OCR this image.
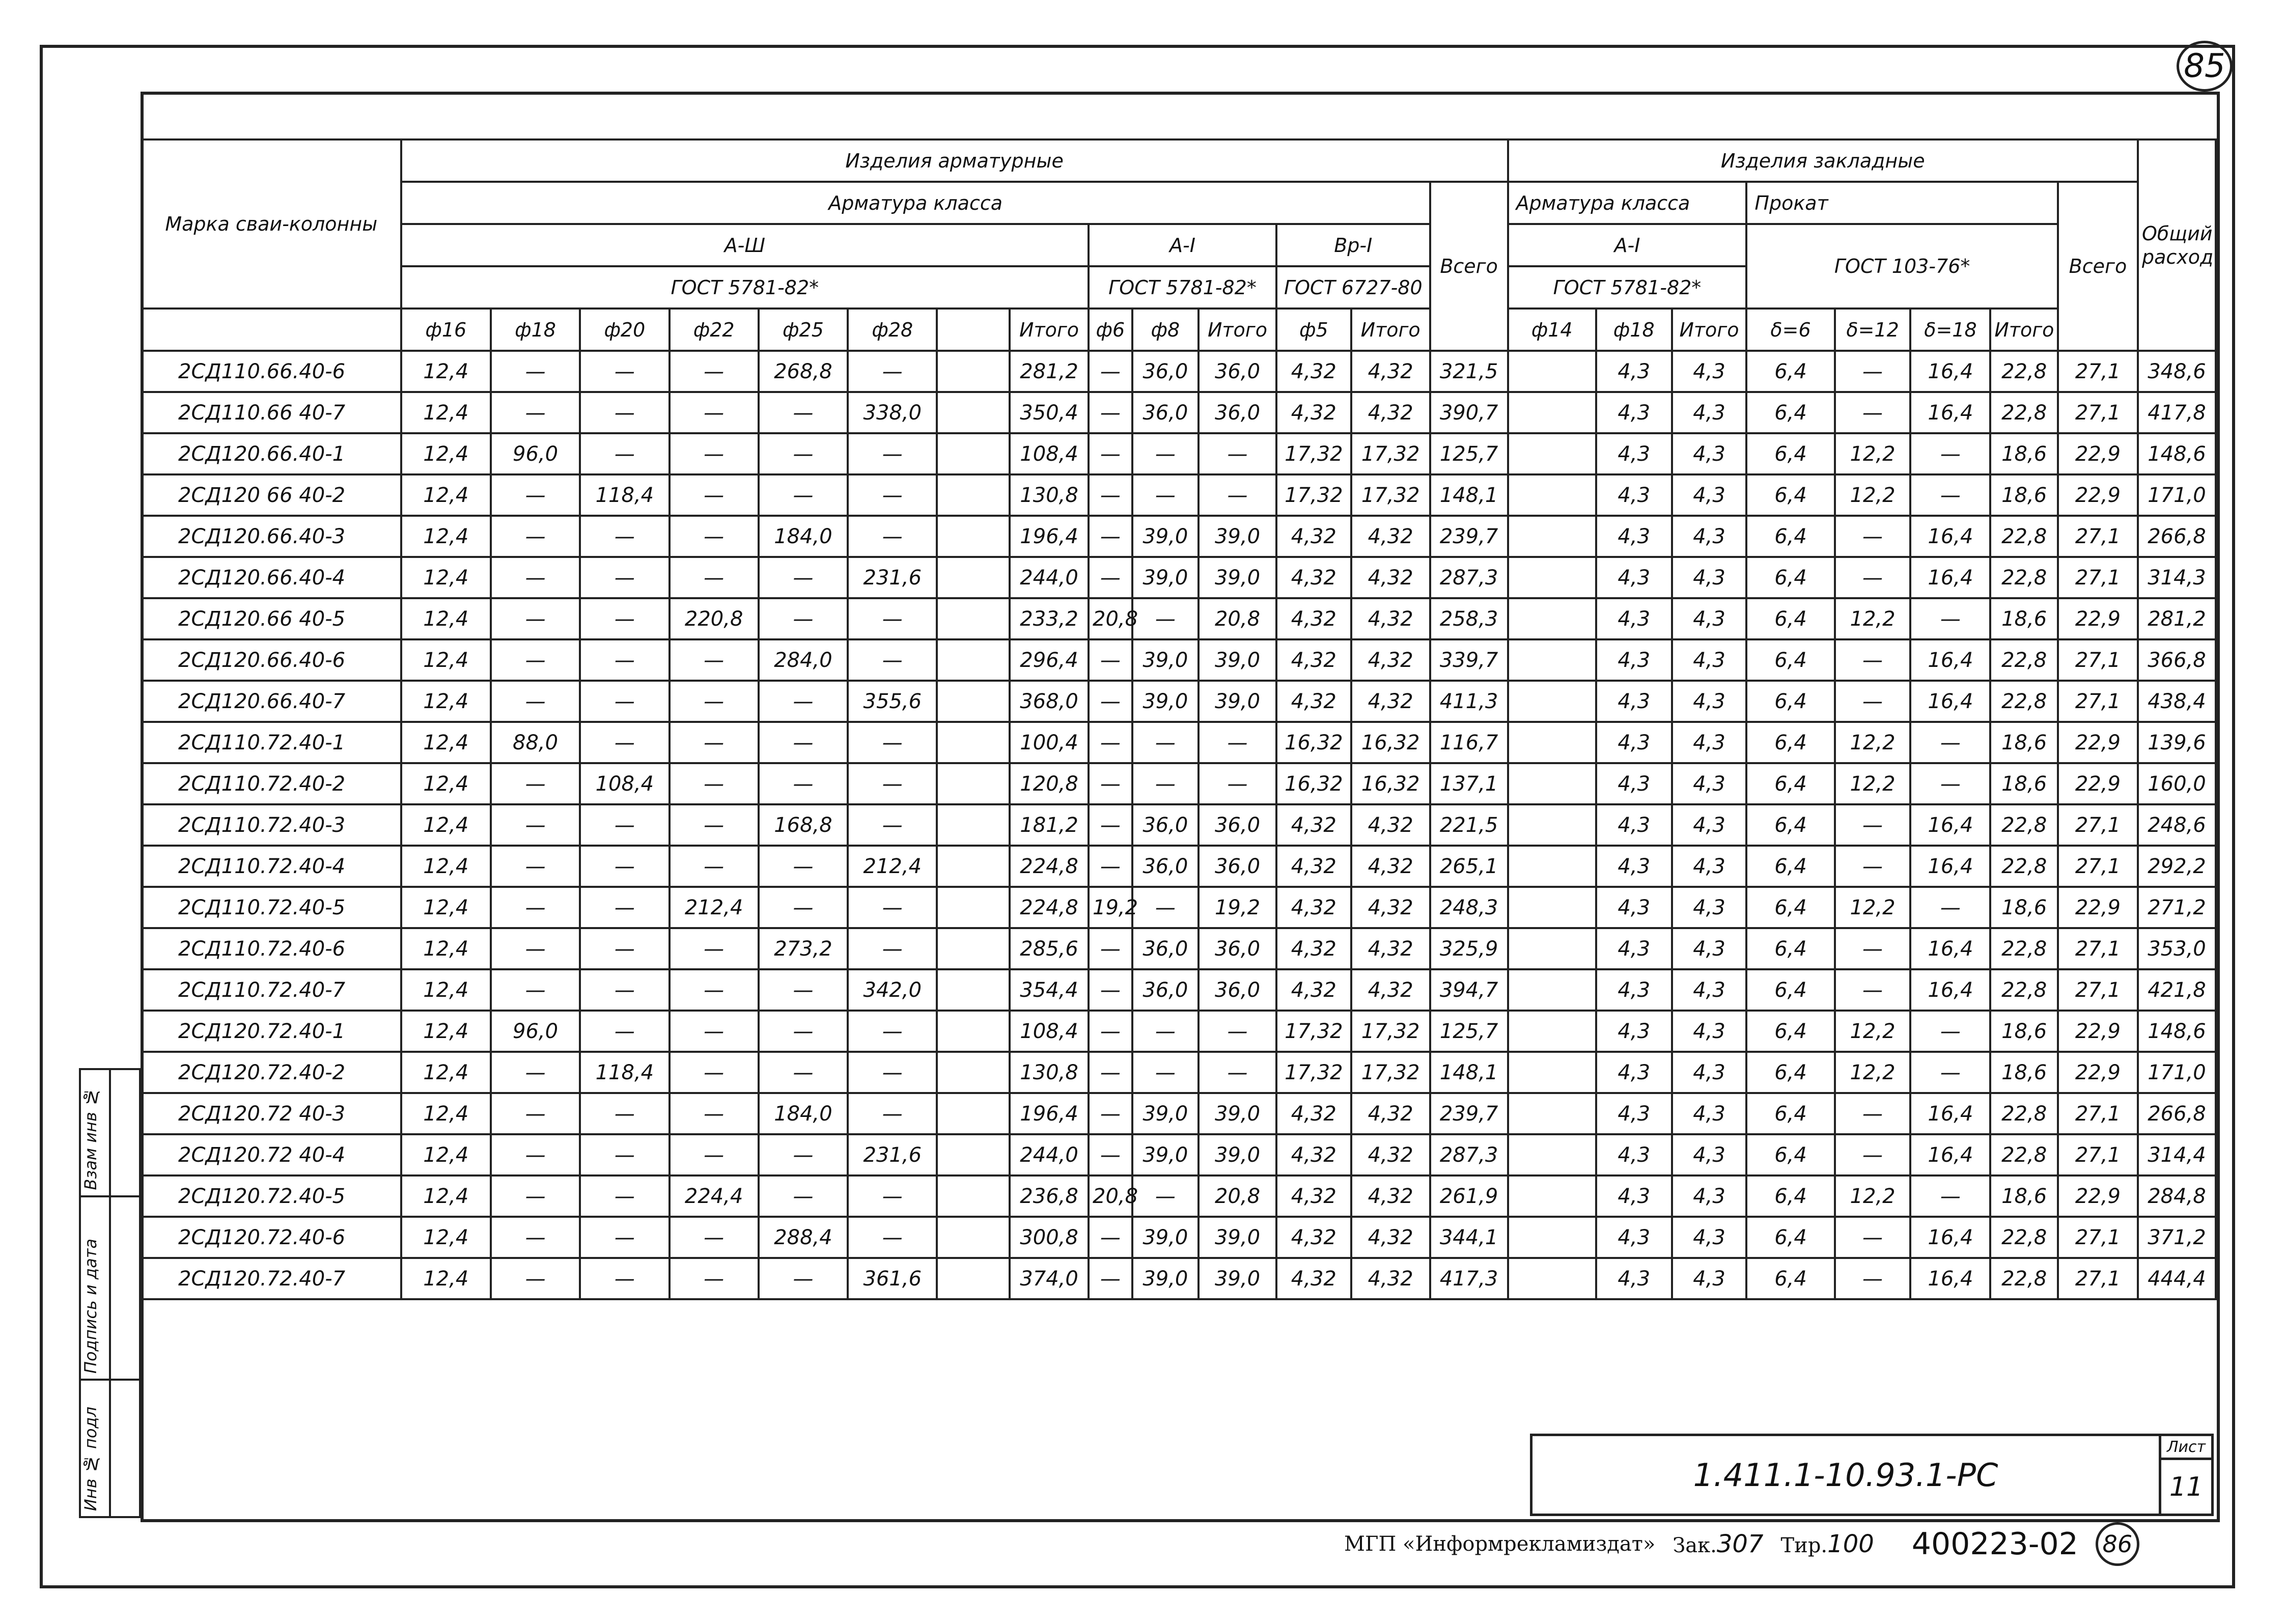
85
Марка сваи-колонны	Изделия арматурные														Изделия закладные								Общий расход
	Арматура класса													Всего	Арматура класса			Прокат				Всего	
	А-Ш								А-I			Вр-I			А-I			ГОСТ 103-76*					
	ГОСТ 5781-82*								ГОСТ 5781-82*			ГОСТ 6727-80			ГОСТ 5781-82*								
	ф16	ф18	ф20	ф22	ф25	ф28		Итого	ф6	ф8	Итого	ф5	Итого		ф14	ф18	Итого	δ=6	δ=12	δ=18	Итого		
2СД110.66.40-6	12,4	—	—	—	268,8	—		281,2	—	36,0	36,0	4,32	4,32	321,5		4,3	4,3	6,4	—	16,4	22,8	27,1	348,6
2СД110.66 40-7	12,4	—	—	—	—	338,0		350,4	—	36,0	36,0	4,32	4,32	390,7		4,3	4,3	6,4	—	16,4	22,8	27,1	417,8
2СД120.66.40-1	12,4	96,0	—	—	—	—		108,4	—	—	—	17,32	17,32	125,7		4,3	4,3	6,4	12,2	—	18,6	22,9	148,6
2СД120 66 40-2	12,4	—	118,4	—	—	—		130,8	—	—	—	17,32	17,32	148,1		4,3	4,3	6,4	12,2	—	18,6	22,9	171,0
2СД120.66.40-3	12,4	—	—	—	184,0	—		196,4	—	39,0	39,0	4,32	4,32	239,7		4,3	4,3	6,4	—	16,4	22,8	27,1	266,8
2СД120.66.40-4	12,4	—	—	—	—	231,6		244,0	—	39,0	39,0	4,32	4,32	287,3		4,3	4,3	6,4	—	16,4	22,8	27,1	314,3
2СД120.66 40-5	12,4	—	—	220,8	—	—		233,2	20,8	—	20,8	4,32	4,32	258,3		4,3	4,3	6,4	12,2	—	18,6	22,9	281,2
2СД120.66.40-6	12,4	—	—	—	284,0	—		296,4	—	39,0	39,0	4,32	4,32	339,7		4,3	4,3	6,4	—	16,4	22,8	27,1	366,8
2СД120.66.40-7	12,4	—	—	—	—	355,6		368,0	—	39,0	39,0	4,32	4,32	411,3		4,3	4,3	6,4	—	16,4	22,8	27,1	438,4
2СД110.72.40-1	12,4	88,0	—	—	—	—		100,4	—	—	—	16,32	16,32	116,7		4,3	4,3	6,4	12,2	—	18,6	22,9	139,6
2СД110.72.40-2	12,4	—	108,4	—	—	—		120,8	—	—	—	16,32	16,32	137,1		4,3	4,3	6,4	12,2	—	18,6	22,9	160,0
2СД110.72.40-3	12,4	—	—	—	168,8	—		181,2	—	36,0	36,0	4,32	4,32	221,5		4,3	4,3	6,4	—	16,4	22,8	27,1	248,6
2СД110.72.40-4	12,4	—	—	—	—	212,4		224,8	—	36,0	36,0	4,32	4,32	265,1		4,3	4,3	6,4	—	16,4	22,8	27,1	292,2
2СД110.72.40-5	12,4	—	—	212,4	—	—		224,8	19,2	—	19,2	4,32	4,32	248,3		4,3	4,3	6,4	12,2	—	18,6	22,9	271,2
2СД110.72.40-6	12,4	—	—	—	273,2	—		285,6	—	36,0	36,0	4,32	4,32	325,9		4,3	4,3	6,4	—	16,4	22,8	27,1	353,0
2СД110.72.40-7	12,4	—	—	—	—	342,0		354,4	—	36,0	36,0	4,32	4,32	394,7		4,3	4,3	6,4	—	16,4	22,8	27,1	421,8
2СД120.72.40-1	12,4	96,0	—	—	—	—		108,4	—	—	—	17,32	17,32	125,7		4,3	4,3	6,4	12,2	—	18,6	22,9	148,6
2СД120.72.40-2	12,4	—	118,4	—	—	—		130,8	—	—	—	17,32	17,32	148,1		4,3	4,3	6,4	12,2	—	18,6	22,9	171,0
2СД120.72 40-3	12,4	—	—	—	184,0	—		196,4	—	39,0	39,0	4,32	4,32	239,7		4,3	4,3	6,4	—	16,4	22,8	27,1	266,8
2СД120.72 40-4	12,4	—	—	—	—	231,6		244,0	—	39,0	39,0	4,32	4,32	287,3		4,3	4,3	6,4	—	16,4	22,8	27,1	314,4
2СД120.72.40-5	12,4	—	—	224,4	—	—		236,8	20,8	—	20,8	4,32	4,32	261,9		4,3	4,3	6,4	12,2	—	18,6	22,9	284,8
2СД120.72.40-6	12,4	—	—	—	288,4	—		300,8	—	39,0	39,0	4,32	4,32	344,1		4,3	4,3	6,4	—	16,4	22,8	27,1	371,2
2СД120.72.40-7	12,4	—	—	—	—	361,6		374,0	—	39,0	39,0	4,32	4,32	417,3		4,3	4,3	6,4	—	16,4	22,8	27,1	444,4
Взам инв №	

Подпись и дата	

Инв № подл	
		1.411.1-10.93.1-РС	Лист
11
МГП «Информрекламиздат» Зак.307 Тир.100 400223-02 86
